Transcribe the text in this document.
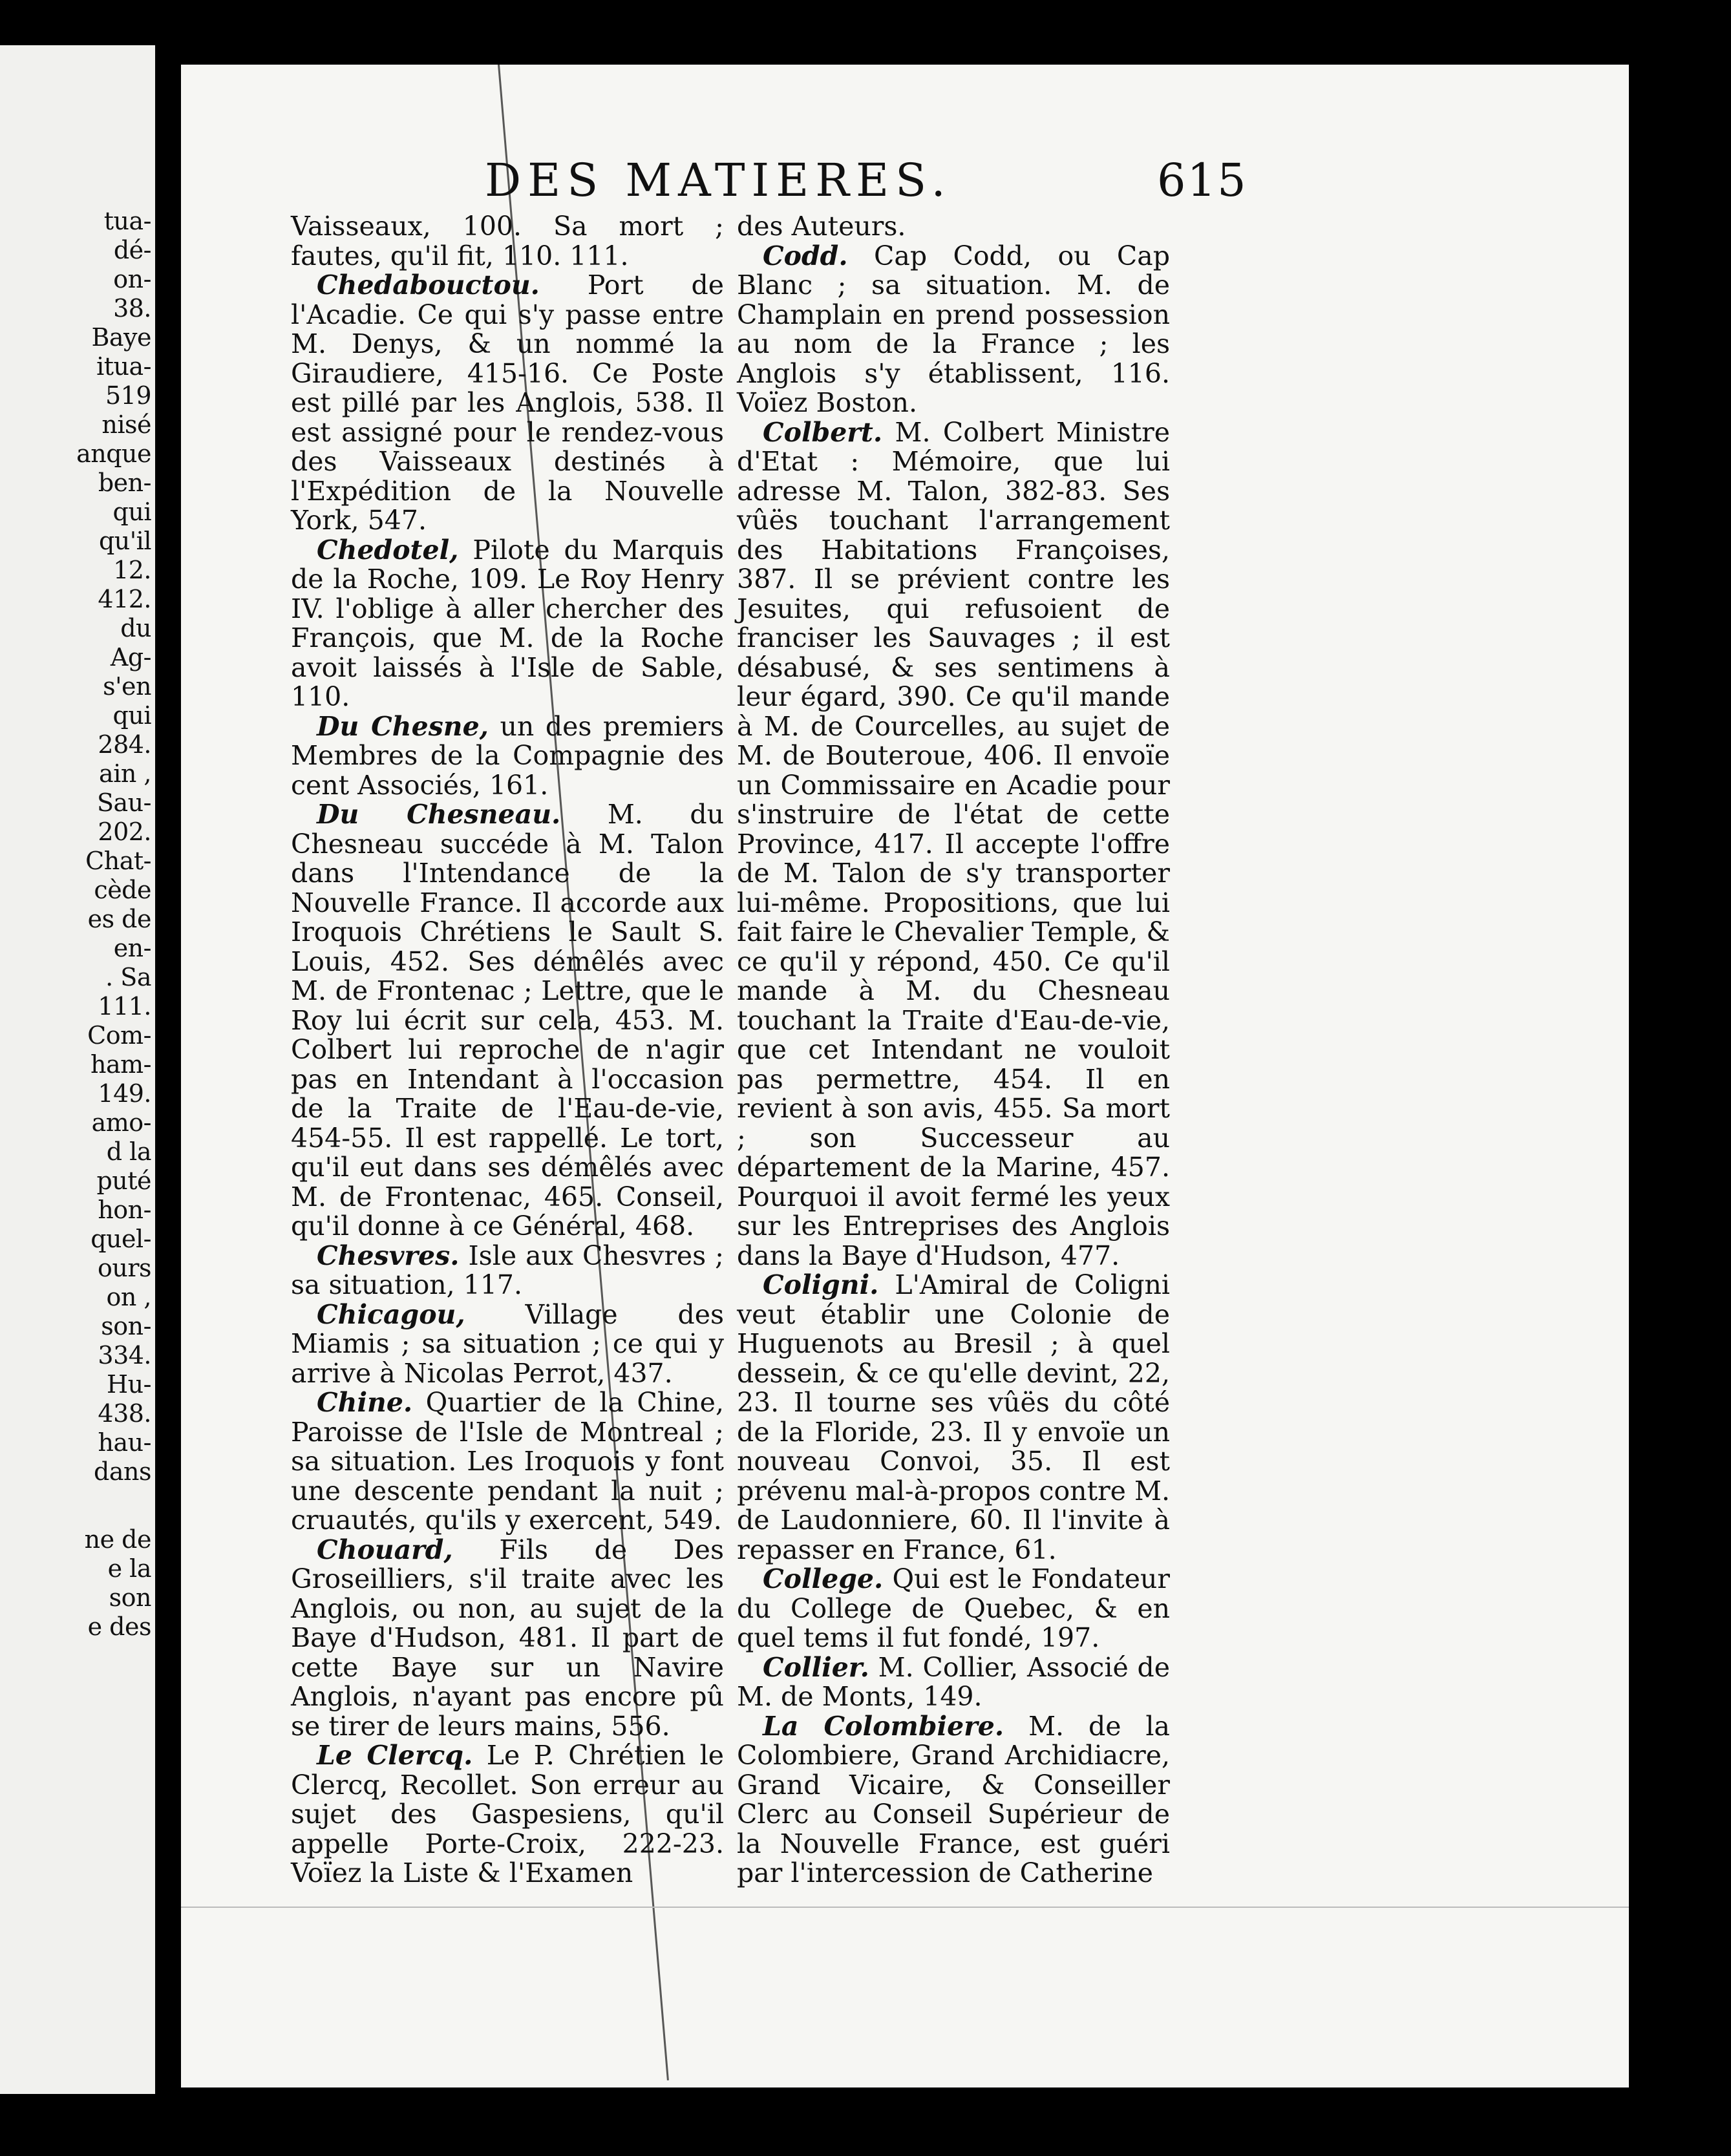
tua-
dé-
on-
38.
Baye
itua-
519
nisé
anque
ben-
qui
qu'il
12.
412.
du
Ag-
s'en
qui
284.
ain ,
Sau-
202.
Chat-
cède
es de
en-
. Sa
111.
Com-
ham-
149.
amo-
d la
puté
hon-
quel-
ours
on ,
son-
334.
Hu-
438.
hau-
dans
ne de
e la
son
e des
DES MATIERES.	615

Vaisseaux, 100. Sa mort ; fautes, qu'il fit, 110. 111.

Chedabouctou. Port de l'Acadie. Ce qui s'y passe entre M. Denys, & un nommé la Giraudiere, 415-16. Ce Poste est pillé par les Anglois, 538. Il est assigné pour le rendez-vous des Vaisseaux destinés à l'Expédition de la Nouvelle York, 547.

Chedotel, Pilote du Marquis de la Roche, 109. Le Roy Henry IV. l'oblige à aller chercher des François, que M. de la Roche avoit laissés à l'Isle de Sable, 110.

Du Chesne, un des premiers Membres de la Compagnie des cent Associés, 161.

Du Chesneau. M. du Chesneau succéde à M. Talon dans l'Intendance de la Nouvelle France. Il accorde aux Iroquois Chrétiens le Sault S. Louis, 452. Ses démêlés avec M. de Frontenac ; Lettre, que le Roy lui écrit sur cela, 453. M. Colbert lui reproche de n'agir pas en Intendant à l'occasion de la Traite de l'Eau-de-vie, 454-55. Il est rappellé. Le tort, qu'il eut dans ses démêlés avec M. de Frontenac, 465. Conseil, qu'il donne à ce Général, 468.

Chesvres. Isle aux Chesvres ; sa situation, 117.

Chicagou, Village des Miamis ; sa situation ; ce qui y arrive à Nicolas Perrot, 437.

Chine. Quartier de la Chine, Paroisse de l'Isle de Montreal ; sa situation. Les Iroquois y font une descente pendant la nuit ; cruautés, qu'ils y exercent, 549.

Chouard, Fils de Des Groseilliers, s'il traite avec les Anglois, ou non, au sujet de la Baye d'Hudson, 481. Il part de cette Baye sur un Navire Anglois, n'ayant pas encore pû se tirer de leurs mains, 556.

Le Clercq. Le P. Chrétien le Clercq, Recollet. Son erreur au sujet des Gaspesiens, qu'il appelle Porte-Croix, 222-23. Voïez la Liste & l'Examen

des Auteurs.

Codd. Cap Codd, ou Cap Blanc ; sa situation. M. de Champlain en prend possession au nom de la France ; les Anglois s'y établissent, 116. Voïez Boston.

Colbert. M. Colbert Ministre d'Etat : Mémoire, que lui adresse M. Talon, 382-83. Ses vûës touchant l'arrangement des Habitations Françoises, 387. Il se prévient contre les Jesuites, qui refusoient de franciser les Sauvages ; il est désabusé, & ses sentimens à leur égard, 390. Ce qu'il mande à M. de Courcelles, au sujet de M. de Bouteroue, 406. Il envoïe un Commissaire en Acadie pour s'instruire de l'état de cette Province, 417. Il accepte l'offre de M. Talon de s'y transporter lui-même. Propositions, que lui fait faire le Chevalier Temple, & ce qu'il y répond, 450. Ce qu'il mande à M. du Chesneau touchant la Traite d'Eau-de-vie, que cet Intendant ne vouloit pas permettre, 454. Il en revient à son avis, 455. Sa mort ; son Successeur au département de la Marine, 457. Pourquoi il avoit fermé les yeux sur les Entreprises des Anglois dans la Baye d'Hudson, 477.

Coligni. L'Amiral de Coligni veut établir une Colonie de Huguenots au Bresil ; à quel dessein, & ce qu'elle devint, 22, 23. Il tourne ses vûës du côté de la Floride, 23. Il y envoïe un nouveau Convoi, 35. Il est prévenu mal-à-propos contre M. de Laudonniere, 60. Il l'invite à repasser en France, 61.

College. Qui est le Fondateur du College de Quebec, & en quel tems il fut fondé, 197.

Collier. M. Collier, Associé de M. de Monts, 149.

La Colombiere. M. de la Colombiere, Grand Archidiacre, Grand Vicaire, & Conseiller Clerc au Conseil Supérieur de la Nouvelle France, est guéri par l'intercession de Catherine
